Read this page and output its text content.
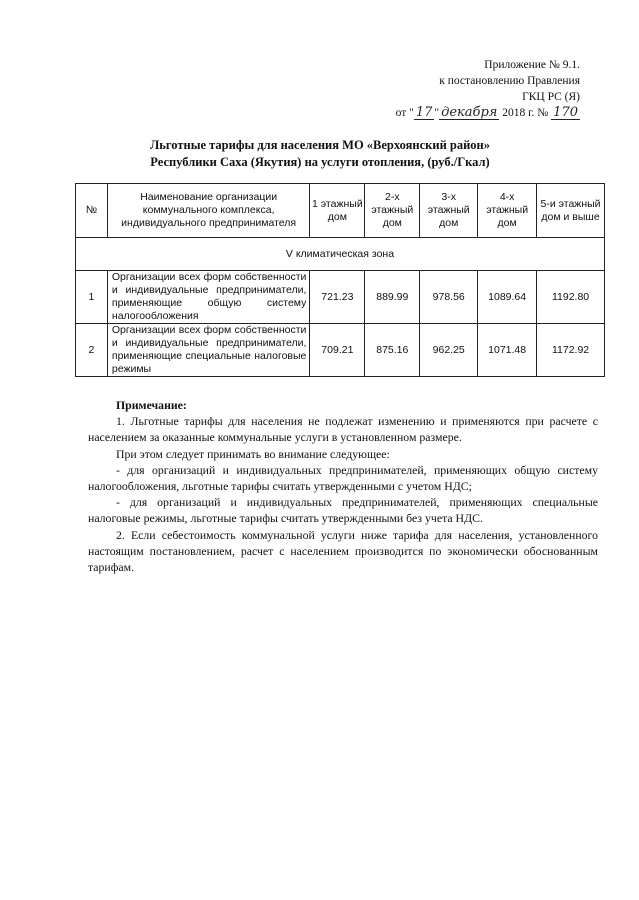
Приложение № 9.1.
к постановлению Правления
ГКЦ РС (Я)
от " 17 " декабря 2018 г. № 170
Льготные тарифы для населения МО «Верхоянский район»
Республики Саха (Якутия) на услуги отопления, (руб./Гкал)
№	Наименование организации коммунального комплекса, индивидуального предпринимателя	1 этажный дом	2-х этажный дом	3-х этажный дом	4-х этажный дом	5-и этажный дом и выше
V климатическая зона						
1	Организации всех форм собственности и индивидуальные предприниматели, применяющие общую систему налогообложения	721.23	889.99	978.56	1089.64	1192.80
2	Организации всех форм собственности и индивидуальные предприниматели, применяющие специальные налоговые режимы	709.21	875.16	962.25	1071.48	1172.92

Примечание:

1. Льготные тарифы для населения не подлежат изменению и применяются при расчете с населением за оказанные коммунальные услуги в установленном размере.

При этом следует принимать во внимание следующее:

- для организаций и индивидуальных предпринимателей, применяющих общую систему налогообложения, льготные тарифы считать утвержденными с учетом НДС;

- для организаций и индивидуальных предпринимателей, применяющих специальные налоговые режимы, льготные тарифы считать утвержденными без учета НДС.

2. Если себестоимость коммунальной услуги ниже тарифа для населения, установленного настоящим постановлением, расчет с населением производится по экономически обоснованным тарифам.
